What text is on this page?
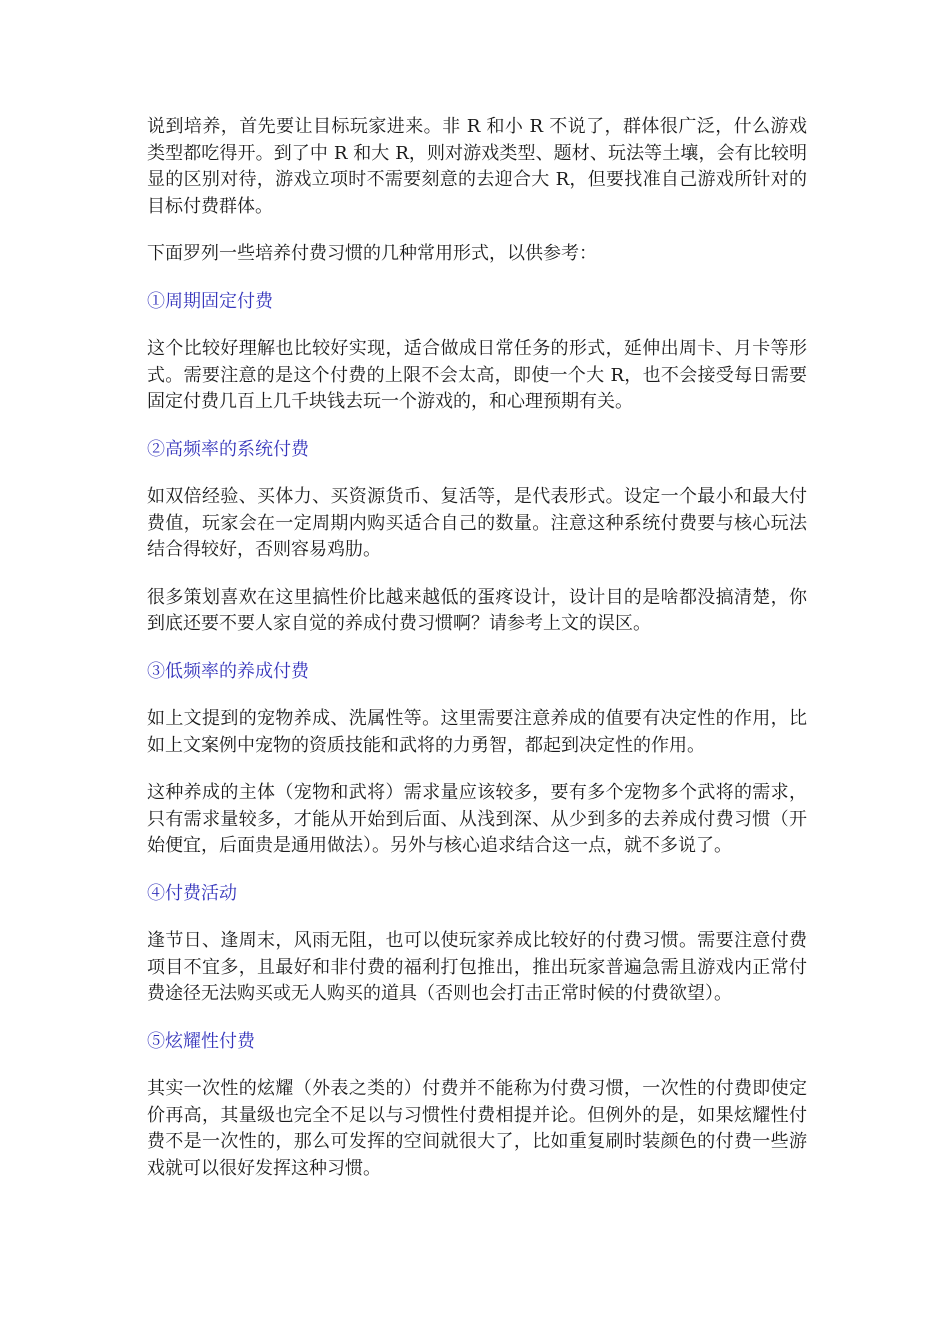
说到培养，首先要让目标玩家进来。非 R 和小 R 不说了，群体很广泛，什么游戏类型都吃得开。到了中 R 和大 R，则对游戏类型、题材、玩法等土壤，会有比较明显的区别对待，游戏立项时不需要刻意的去迎合大 R，但要找准自己游戏所针对的目标付费群体。

下面罗列一些培养付费习惯的几种常用形式，以供参考：

①周期固定付费

这个比较好理解也比较好实现，适合做成日常任务的形式，延伸出周卡、月卡等形式。需要注意的是这个付费的上限不会太高，即使一个大 R，也不会接受每日需要固定付费几百上几千块钱去玩一个游戏的，和心理预期有关。

②高频率的系统付费

如双倍经验、买体力、买资源货币、复活等，是代表形式。设定一个最小和最大付费值，玩家会在一定周期内购买适合自己的数量。注意这种系统付费要与核心玩法结合得较好，否则容易鸡肋。

很多策划喜欢在这里搞性价比越来越低的蛋疼设计，设计目的是啥都没搞清楚，你到底还要不要人家自觉的养成付费习惯啊？请参考上文的误区。

③低频率的养成付费

如上文提到的宠物养成、洗属性等。这里需要注意养成的值要有决定性的作用，比如上文案例中宠物的资质技能和武将的力勇智，都起到决定性的作用。

这种养成的主体（宠物和武将）需求量应该较多，要有多个宠物多个武将的需求，只有需求量较多，才能从开始到后面、从浅到深、从少到多的去养成付费习惯（开始便宜，后面贵是通用做法）。另外与核心追求结合这一点，就不多说了。

④付费活动

逢节日、逢周末，风雨无阻，也可以使玩家养成比较好的付费习惯。需要注意付费项目不宜多，且最好和非付费的福利打包推出，推出玩家普遍急需且游戏内正常付费途径无法购买或无人购买的道具（否则也会打击正常时候的付费欲望）。

⑤炫耀性付费

其实一次性的炫耀（外表之类的）付费并不能称为付费习惯，一次性的付费即使定价再高，其量级也完全不足以与习惯性付费相提并论。但例外的是，如果炫耀性付费不是一次性的，那么可发挥的空间就很大了，比如重复刷时装颜色的付费一些游戏就可以很好发挥这种习惯。
